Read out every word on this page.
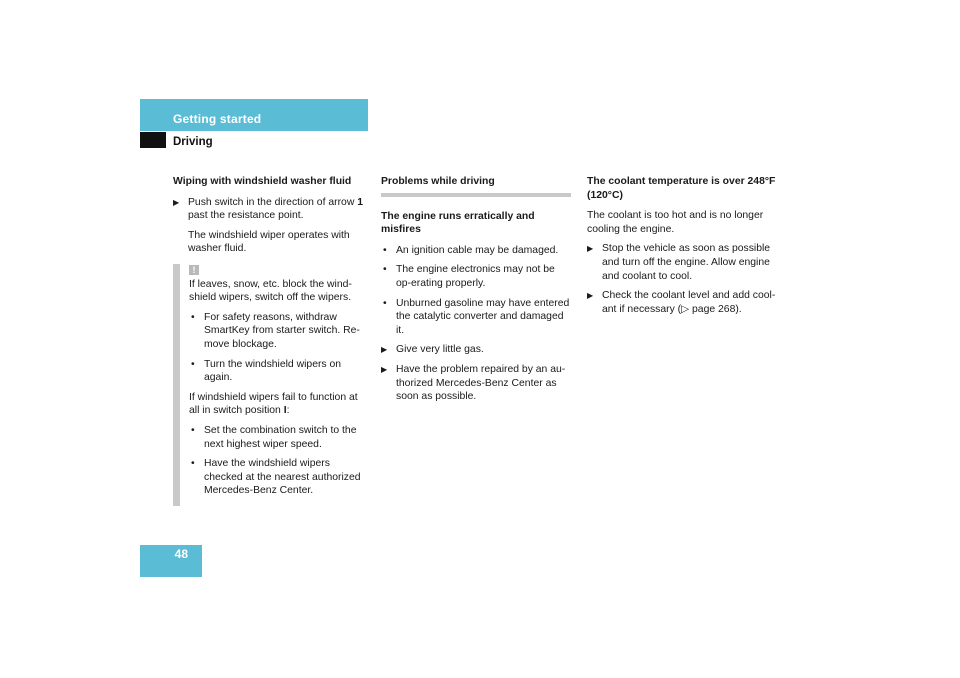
Getting started
Driving
Wiping with windshield washer fluid
▶ Push switch in the direction of arrow 1 past the resistance point.
The windshield wiper operates with washer fluid.
!
If leaves, snow, etc. block the wind-shield wipers, switch off the wipers.
• For safety reasons, withdraw SmartKey from starter switch. Re-move blockage.
• Turn the windshield wipers on again.
If windshield wipers fail to function at all in switch position I:
• Set the combination switch to the next highest wiper speed.
• Have the windshield wipers checked at the nearest authorized Mercedes-Benz Center.
Problems while driving
The engine runs erratically and misfires
• An ignition cable may be damaged.
• The engine electronics may not be op-erating properly.
• Unburned gasoline may have entered the catalytic converter and damaged it.
▶ Give very little gas.
▶ Have the problem repaired by an au-thorized Mercedes-Benz Center as soon as possible.
The coolant temperature is over 248°F (120°C)
The coolant is too hot and is no longer cooling the engine.
▶ Stop the vehicle as soon as possible and turn off the engine. Allow engine and coolant to cool.
▶ Check the coolant level and add cool-ant if necessary (▷ page 268).
48
